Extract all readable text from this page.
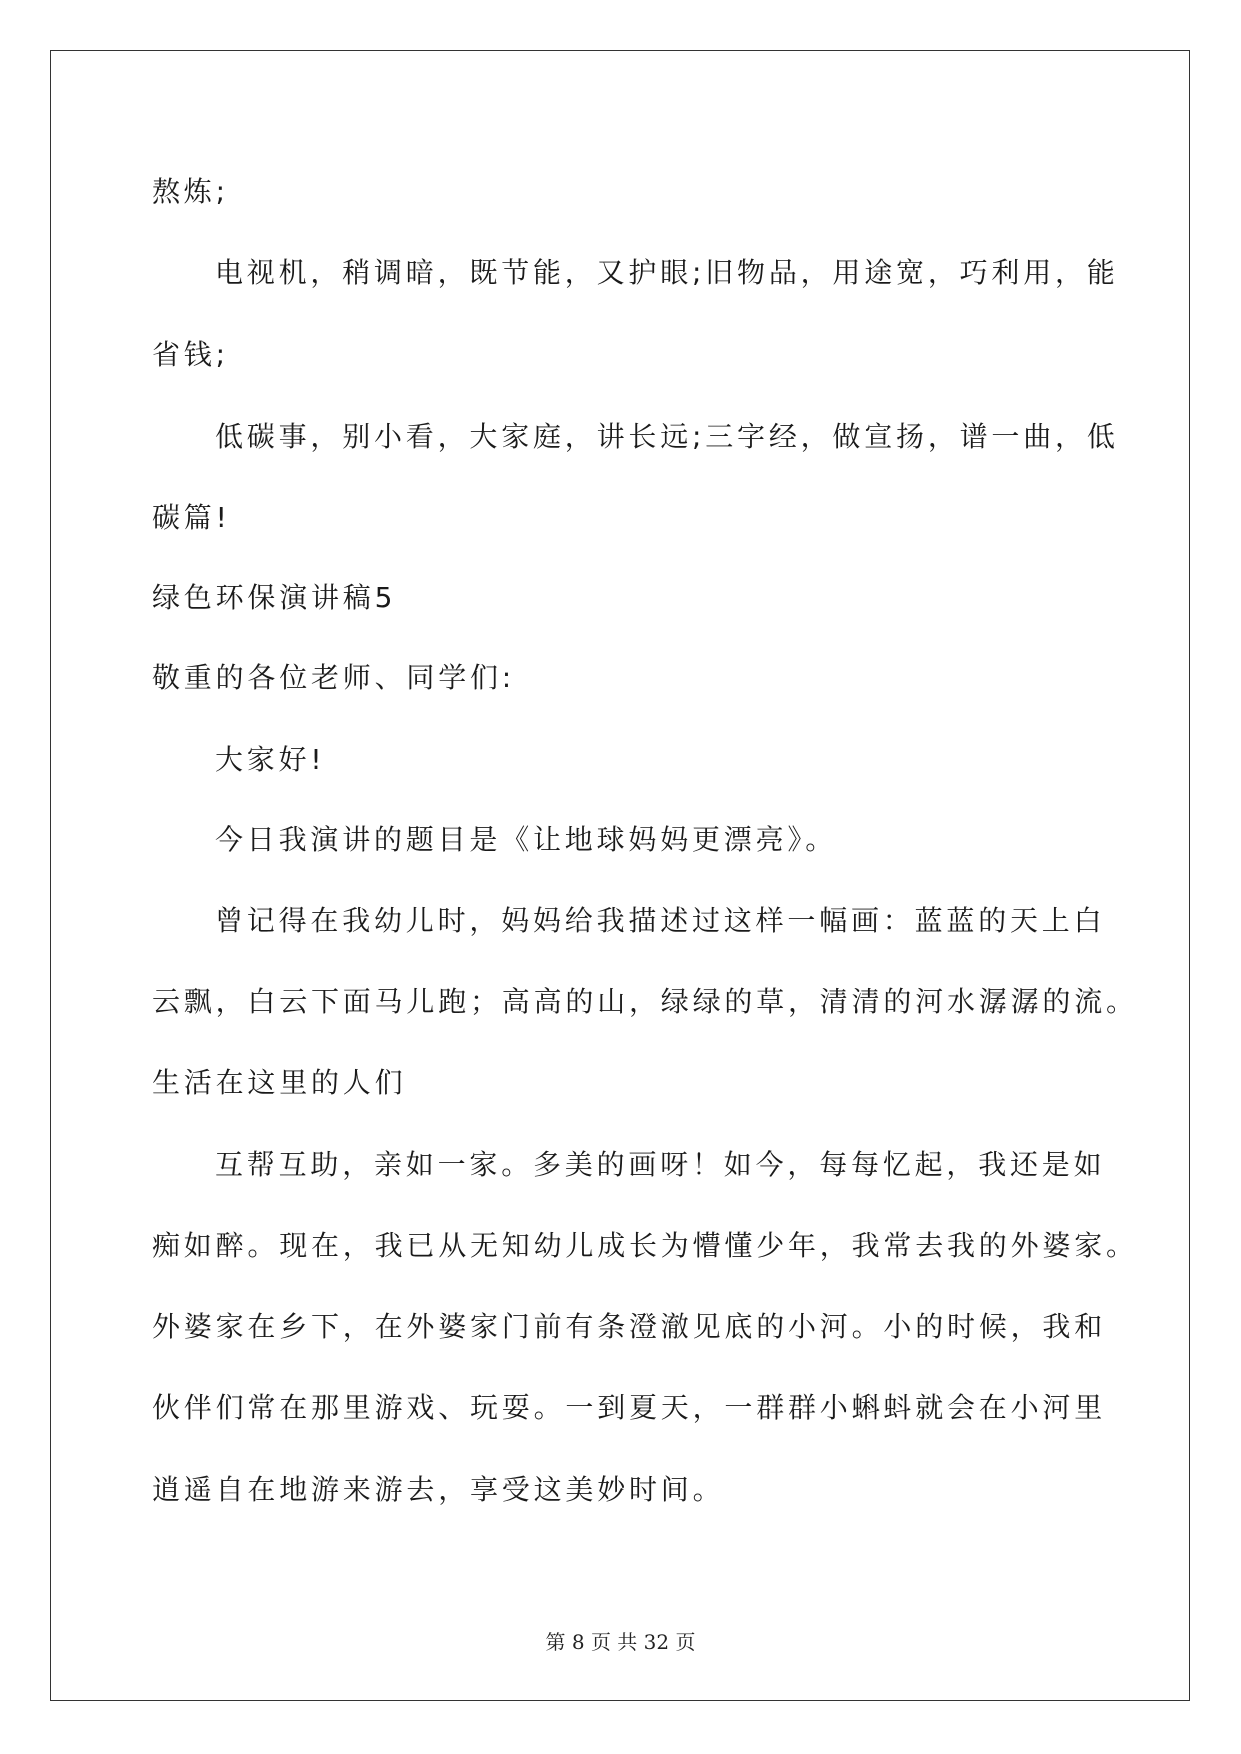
熬炼;
电视机，稍调暗，既节能，又护眼;旧物品，用途宽，巧利用，能
省钱;
低碳事，别小看，大家庭，讲长远;三字经，做宣扬，谱一曲，低
碳篇!
绿色环保演讲稿5
敬重的各位老师、同学们:
大家好!
今日我演讲的题目是《让地球妈妈更漂亮》。
曾记得在我幼儿时，妈妈给我描述过这样一幅画：蓝蓝的天上白
云飘，白云下面马儿跑；高高的山，绿绿的草，清清的河水潺潺的流。
生活在这里的人们
互帮互助，亲如一家。多美的画呀！如今，每每忆起，我还是如
痴如醉。现在，我已从无知幼儿成长为懵懂少年，我常去我的外婆家。
外婆家在乡下，在外婆家门前有条澄澈见底的小河。小的时候，我和
伙伴们常在那里游戏、玩耍。一到夏天，一群群小蝌蚪就会在小河里
逍遥自在地游来游去，享受这美妙时间。
第 8 页 共 32 页
